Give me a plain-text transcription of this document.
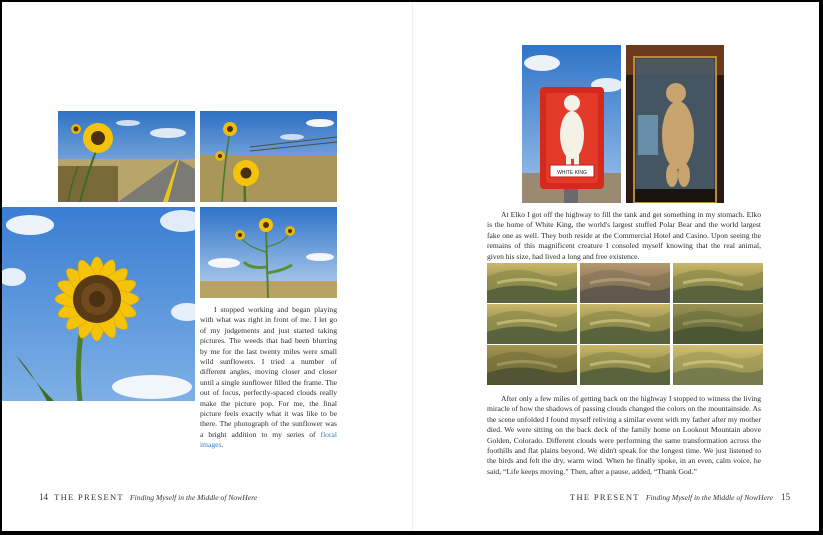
I stopped working and began playing with what was right in front of me. I let go of my judgements and just started taking pictures. The weeds that had been blurring by me for the last twenty miles were small wild sunflowers. I tried a number of different angles, moving closer and closer until a single sunflower filled the frame. The out of focus, perfectly-spaced clouds really make the picture pop. For me, the final picture feels exactly what it was like to be there. The photograph of the sunflower was a bright addition to my series of floral images.

14 THE PRESENT Finding Myself in the Middle of NowHere
WHITE KING

At Elko I got off the highway to fill the tank and get something in my stomach. Elko is the home of White King, the world's largest stuffed Polar Bear and the world largest fake one as well. They both reside at the Commercial Hotel and Casino. Upon seeing the remains of this magnificent creature I consoled myself knowing that the real animal, given his size, had lived a long and free existence.

After only a few miles of getting back on the highway I stopped to witness the living miracle of how the shadows of passing clouds changed the colors on the mountainside. As the scene unfolded I found myself reliving a similar event with my father after my mother died. We were sitting on the back deck of the family home on Lookout Mountain above Golden, Colorado. Different clouds were performing the same transformation across the foothills and flat plains beyond. We didn't speak for the longest time. We just listened to the birds and felt the dry, warm wind. When he finally spoke, in an even, calm voice, he said, “Life keeps moving.” Then, after a pause, added, “Thank God.”

THE PRESENT Finding Myself in the Middle of NowHere 15
